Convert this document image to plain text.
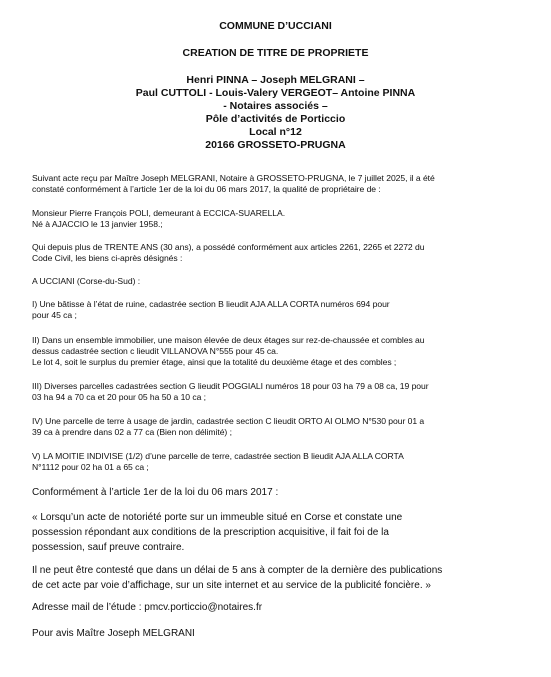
COMMUNE D’UCCIANI
CREATION DE TITRE DE PROPRIETE
Henri PINNA – Joseph MELGRANI –
Paul CUTTOLI - Louis-Valery VERGEOT– Antoine PINNA
- Notaires associés –
Pôle d’activités de Porticcio
Local n°12
20166 GROSSETO-PRUGNA
Suivant acte reçu par Maître Joseph MELGRANI, Notaire à GROSSETO-PRUGNA, le 7 juillet 2025, il a été
constaté conformément à l’article 1er de la loi du 06 mars 2017, la qualité de propriétaire de :
Monsieur Pierre François POLI, demeurant à ECCICA-SUARELLA.
Né à AJACCIO le 13 janvier 1958.;
Qui depuis plus de TRENTE ANS (30 ans), a possédé conformément aux articles 2261, 2265 et 2272 du
Code Civil, les biens ci-après désignés :
A UCCIANI (Corse-du-Sud) :
I) Une bâtisse à l’état de ruine, cadastrée section B lieudit AJA ALLA CORTA numéros 694 pour
pour 45 ca ;
II) Dans un ensemble immobilier, une maison élevée de deux étages sur rez-de-chaussée et combles au
dessus cadastrée section c lieudit VILLANOVA N°555 pour 45 ca.
Le lot 4, soit le surplus du premier étage, ainsi que la totalité du deuxième étage et des combles ;
III) Diverses parcelles cadastrées section G lieudit POGGIALI numéros 18 pour 03 ha 79 a 08 ca, 19 pour
03 ha 94 a 70 ca et 20 pour 05 ha 50 a 10 ca ;
IV) Une parcelle de terre à usage de jardin, cadastrée section C lieudit ORTO AI OLMO N°530 pour 01 a
39 ca à prendre dans 02 a 77 ca (Bien non délimité) ;
V) LA MOITIE INDIVISE (1/2) d’une parcelle de terre, cadastrée section B lieudit AJA ALLA CORTA
N°1112 pour 02 ha 01 a 65 ca ;
Conformément à l’article 1er de la loi du 06 mars 2017 :
« Lorsqu’un acte de notoriété porte sur un immeuble situé en Corse et constate une
possession répondant aux conditions de la prescription acquisitive, il fait foi de la
possession, sauf preuve contraire.
Il ne peut être contesté que dans un délai de 5 ans à compter de la dernière des publications
de cet acte par voie d’affichage, sur un site internet et au service de la publicité foncière. »
Adresse mail de l’étude : pmcv.porticcio@notaires.fr
Pour avis Maître Joseph MELGRANI
